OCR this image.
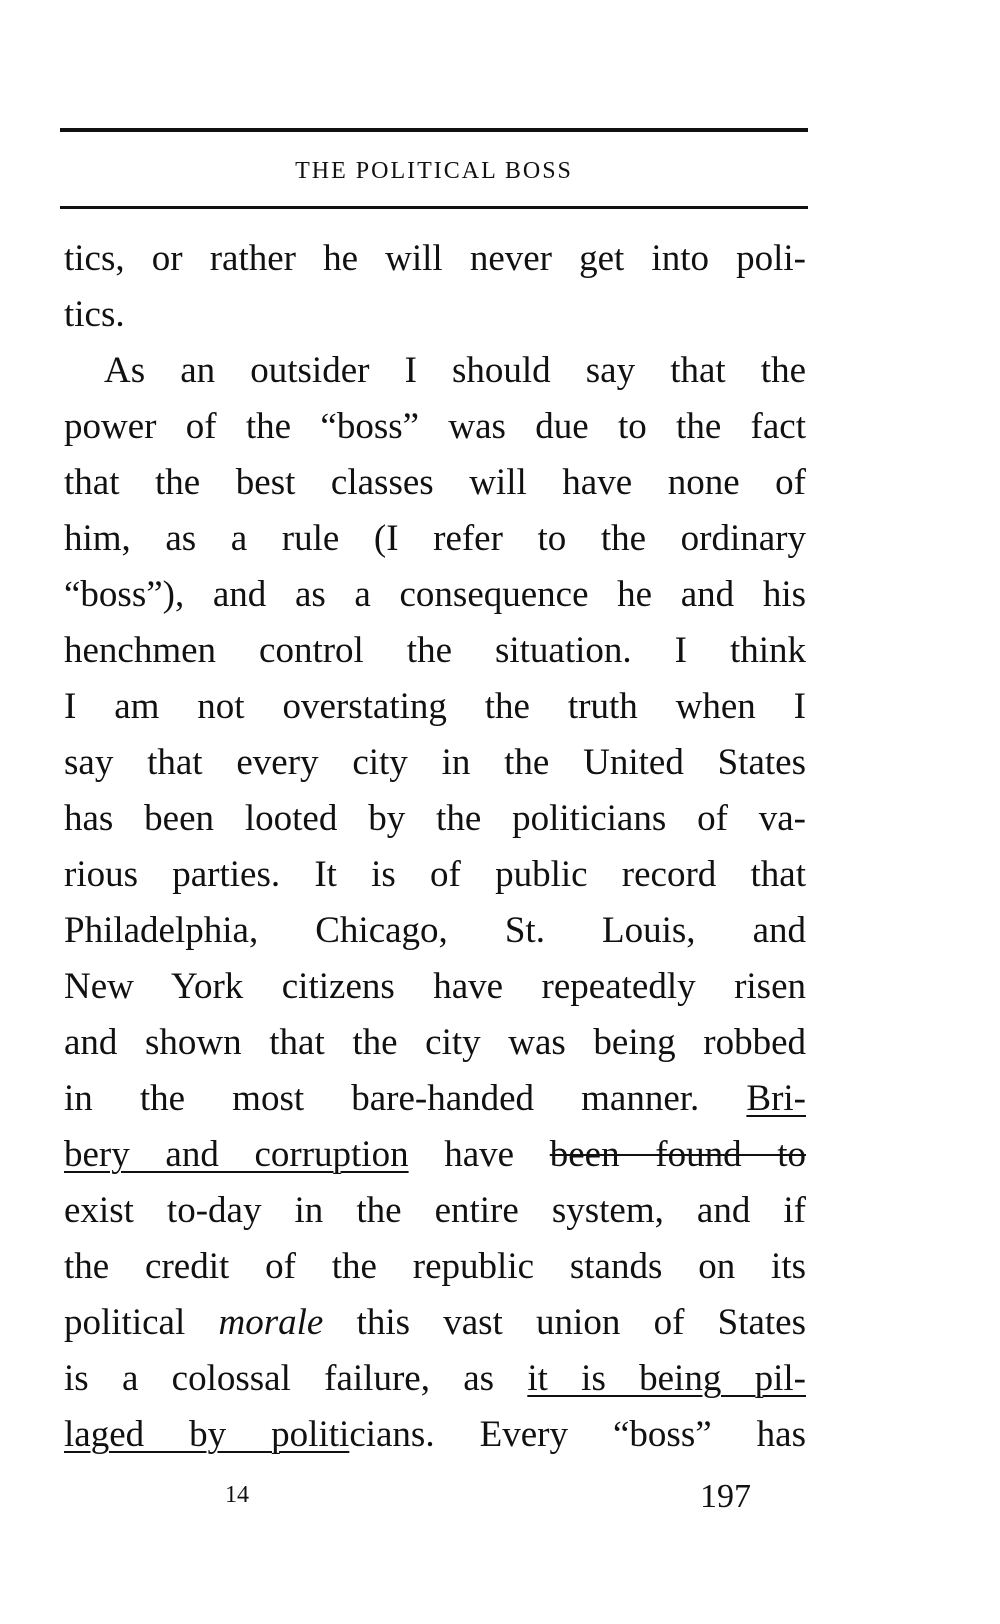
THE POLITICAL BOSS
tics, or rather he will never get into poli-
tics.
As an outsider I should say that the
power of the “boss” was due to the fact
that the best classes will have none of
him, as a rule (I refer to the ordinary
“boss”), and as a consequence he and his
henchmen control the situation. I think
I am not overstating the truth when I
say that every city in the United States
has been looted by the politicians of va-
rious parties. It is of public record that
Philadelphia, Chicago, St. Louis, and
New York citizens have repeatedly risen
and shown that the city was being robbed
in the most bare-handed manner. Bri-
bery and corruption have been found to
exist to-day in the entire system, and if
the credit of the republic stands on its
political morale this vast union of States
is a colossal failure, as it is being pil-
laged by politicians. Every “boss” has
14	197
